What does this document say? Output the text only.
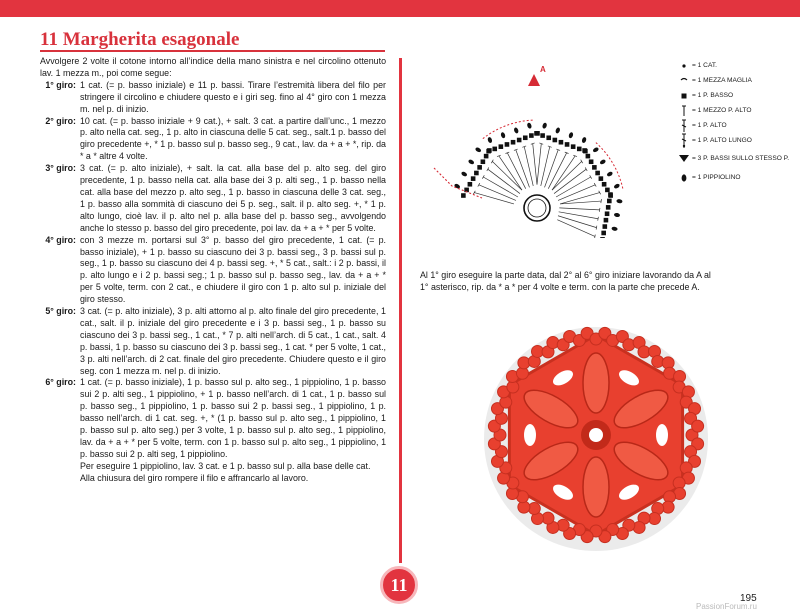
11 Margherita esagonale

Avvolgere 2 volte il cotone intorno all’indice della mano sinistra e nel circolino ottenuto lav. 1 mezza m., poi come segue:

1° giro: 1 cat. (= p. basso iniziale) e 11 p. bassi. Tirare l’estremità libera del filo per stringere il circolino e chiudere questo e i giri seg. fino al 4° giro con 1 mezza m. nel p. di inizio.
2° giro: 10 cat. (= p. basso iniziale + 9 cat.), + salt. 3 cat. a partire dall’unc., 1 mezzo p. alto nella cat. seg., 1 p. alto in ciascuna delle 5 cat. seg., salt.1 p. basso del giro precedente +, * 1 p. basso sul p. basso seg., 9 cat., lav. da + a + *, rip. da * a * altre 4 volte.
3° giro: 3 cat. (= p. alto iniziale), + salt. la cat. alla base del p. alto seg. del giro precedente, 1 p. basso nella cat. alla base dei 3 p. alti seg., 1 p. basso nella cat. alla base del mezzo p. alto seg., 1 p. basso in ciascuna delle 3 cat. seg., 1 p. basso alla sommità di ciascuno dei 5 p. seg., salt. il p. alto seg. +, * 1 p. alto lungo, cioè lav. il p. alto nel p. alla base del p. basso seg., avvolgendo anche lo stesso p. basso del giro precedente, poi lav. da + a + * per 5 volte.
4° giro: con 3 mezze m. portarsi sul 3° p. basso del giro precedente, 1 cat. (= p. basso iniziale), + 1 p. basso su ciascuno dei 3 p. bassi seg., 3 p. bassi sul p. seg., 1 p. basso su ciascuno dei 4 p. bassi seg. +, * 5 cat., salt.: i 2 p. bassi, il p. alto lungo e i 2 p. bassi seg.; 1 p. basso sul p. basso seg., lav. da + a + * per 5 volte, term. con 2 cat., e chiudere il giro con 1 p. alto sul p. iniziale del giro stesso.
5° giro: 3 cat. (= p. alto iniziale), 3 p. alti attorno al p. alto finale del giro precedente, 1 cat., salt. il p. iniziale del giro precedente e i 3 p. bassi seg., 1 p. basso su ciascuno dei 3 p. bassi seg., 1 cat., * 7 p. alti nell’arch. di 5 cat., 1 cat., salt. 4 p. bassi, 1 p. basso su ciascuno dei 3 p. bassi seg., 1 cat. * per 5 volte, 1 cat., 3 p. alti nell’arch. di 2 cat. finale del giro precedente. Chiudere questo e il giro seg. con 1 mezza m. nel p. di inizio.
6° giro: 1 cat. (= p. basso iniziale), 1 p. basso sul p. alto seg., 1 pippiolino, 1 p. basso sui 2 p. alti seg., 1 pippiolino, + 1 p. basso nell’arch. di 1 cat., 1 p. basso sul p. basso seg., 1 pippiolino, 1 p. basso sui 2 p. bassi seg., 1 pippiolino, 1 p. basso nell’arch. di 1 cat. seg. +, * (1 p. basso sul p. alto seg., 1 pippiolino, 1 p. basso sul p. alto seg.) per 3 volte, 1 p. basso sul p. alto seg., 1 pippiolino, lav. da + a + * per 5 volte, term. con 1 p. basso sul p. alto seg., 1 pippiolino, 1 p. basso sui 2 p. alti seg, 1 pippiolino.

Per eseguire 1 pippiolino, lav. 3 cat. e 1 p. basso sul p. alla base delle cat.

Alla chiusura del giro rompere il filo e affrancarlo al lavoro.

11
A	= 1 CAT.
= 1 MEZZA MAGLIA
= 1 P. BASSO
= 1 MEZZO P. ALTO
= 1 P. ALTO
= 1 P. ALTO LUNGO
= 3 P. BASSI SULLO STESSO P.
= 1 PIPPIOLINO

Al 1° giro eseguire la parte data, dal 2° al 6° giro iniziare lavorando da A al 1° asterisco, rip. da * a * per 4 volte e term. con la parte che precede A.

195
PassionForum.ru
